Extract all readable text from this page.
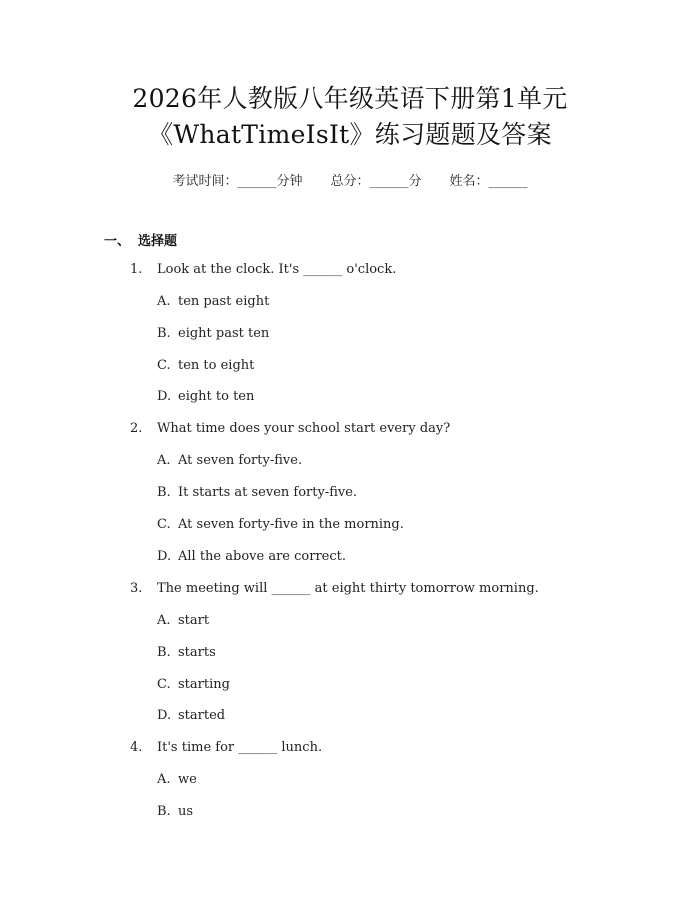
2026年人教版八年级英语下册第1单元
《WhatTimeIsIt》练习题题及答案
考试时间：______分钟 总分：______分 姓名：______
一、 选择题
1. Look at the clock. It's ______ o'clock.
A. ten past eight
B. eight past ten
C. ten to eight
D. eight to ten
2. What time does your school start every day?
A. At seven forty-five.
B. It starts at seven forty-five.
C. At seven forty-five in the morning.
D. All the above are correct.
3. The meeting will ______ at eight thirty tomorrow morning.
A. start
B. starts
C. starting
D. started
4. It's time for ______ lunch.
A. we
B. us
